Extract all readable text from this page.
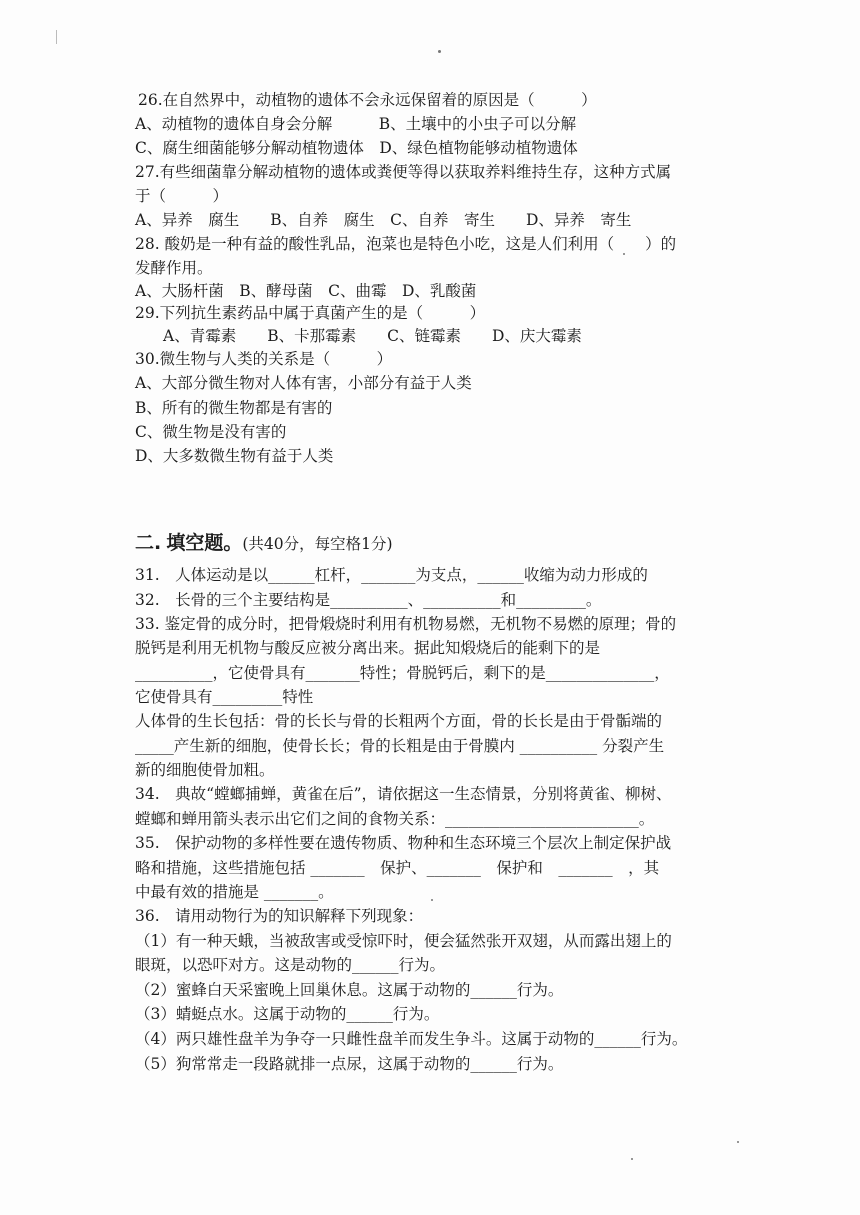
26.在自然界中，动植物的遗体不会永远保留着的原因是（　　　）
A、动植物的遗体自身会分解　　　B、土壤中的小虫子可以分解
C、腐生细菌能够分解动植物遗体　D、绿色植物能够动植物遗体
27.有些细菌靠分解动植物的遗体或粪便等得以获取养料维持生存，这种方式属
于（　　　）
A、异养　腐生　　B、自养　腐生　C、自养　寄生　　D、异养　寄生
28. 酸奶是一种有益的酸性乳品，泡菜也是特色小吃，这是人们利用（　　）的
发酵作用。
A、大肠杆菌　B、酵母菌　C、曲霉　D、乳酸菌
29.下列抗生素药品中属于真菌产生的是（　　　）
A、青霉素　　B、卡那霉素　　C、链霉素　　D、庆大霉素
30.微生物与人类的关系是（　　　）
A、大部分微生物对人体有害，小部分有益于人类
B、所有的微生物都是有害的
C、微生物是没有害的
D、大多数微生物有益于人类
二. 填空题。(共40分，每空格1分)
31.　人体运动是以______杠杆，_______为支点，______收缩为动力形成的
32.　长骨的三个主要结构是__________、__________和_________。
33. 鉴定骨的成分时，把骨煅烧时利用有机物易燃，无机物不易燃的原理；骨的
脱钙是利用无机物与酸反应被分离出来。据此知煅烧后的能剩下的是
__________，它使骨具有_______特性；骨脱钙后，剩下的是______________，
它使骨具有_________特性
人体骨的生长包括：骨的长长与骨的长粗两个方面，骨的长长是由于骨骺端的
_____产生新的细胞，使骨长长；骨的长粗是由于骨膜内 __________ 分裂产生
新的细胞使骨加粗。
34.　典故“螳螂捕蝉，黄雀在后”，请依据这一生态情景，分别将黄雀、柳树、
螳螂和蝉用箭头表示出它们之间的食物关系：_________________________。
35.　保护动物的多样性要在遗传物质、物种和生态环境三个层次上制定保护战
略和措施，这些措施包括 _______　保护、_______　保护和　_______　，其
中最有效的措施是 _______。
36.　请用动物行为的知识解释下列现象：
（1）有一种天蛾，当被敌害或受惊吓时，便会猛然张开双翅，从而露出翅上的
眼斑，以恐吓对方。这是动物的______行为。
（2）蜜蜂白天采蜜晚上回巢休息。这属于动物的______行为。
（3）蜻蜓点水。这属于动物的______行为。
（4）两只雄性盘羊为争夺一只雌性盘羊而发生争斗。这属于动物的______行为。
（5）狗常常走一段路就排一点尿，这属于动物的______行为。
